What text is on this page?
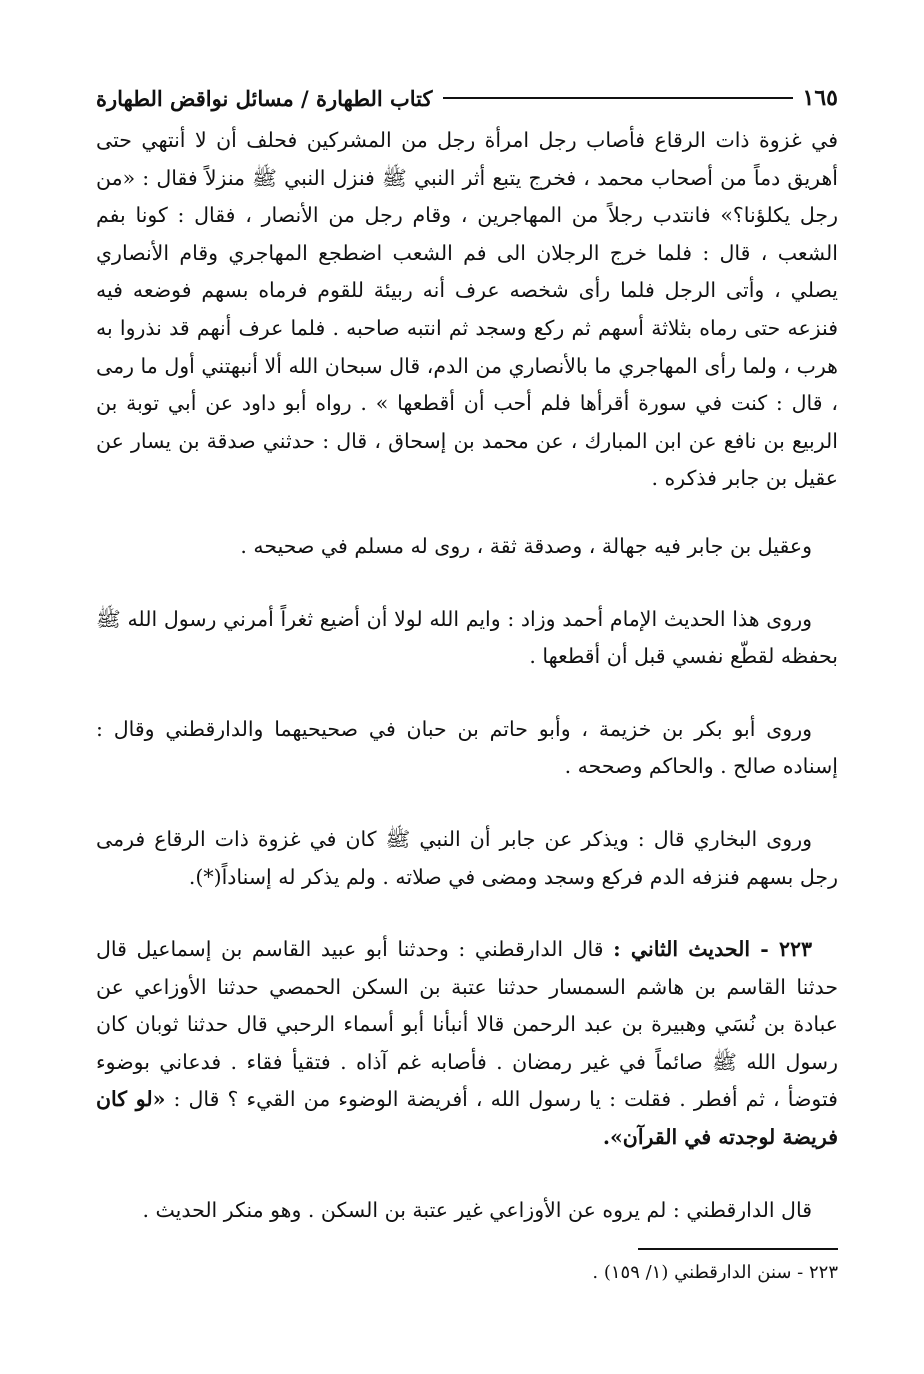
كتاب الطهارة / مسائل نواقض الطهارة	١٦٥

في غزوة ذات الرقاع فأصاب رجل امرأة رجل من المشركين فحلف أن لا أنتهي حتى أهريق دماً من أصحاب محمد ، فخرج يتبع أثر النبي ﷺ فنزل النبي ﷺ منزلاً فقال : «من رجل يكلؤنا؟» فانتدب رجلاً من المهاجرين ، وقام رجل من الأنصار ، فقال : كونا بفم الشعب ، قال : فلما خرج الرجلان الى فم الشعب اضطجع المهاجري وقام الأنصاري يصلي ، وأتى الرجل فلما رأى شخصه عرف أنه ربيئة للقوم فرماه بسهم فوضعه فيه فنزعه حتى رماه بثلاثة أسهم ثم ركع وسجد ثم انتبه صاحبه . فلما عرف أنهم قد نذروا به هرب ، ولما رأى المهاجري ما بالأنصاري من الدم، قال سبحان الله ألا أنبهتني أول ما رمى ، قال : كنت في سورة أقرأها فلم أحب أن أقطعها » . رواه أبو داود عن أبي توبة بن الربيع بن نافع عن ابن المبارك ، عن محمد بن إسحاق ، قال : حدثني صدقة بن يسار عن عقيل بن جابر فذكره .

وعقيل بن جابر فيه جهالة ، وصدقة ثقة ، روى له مسلم في صحيحه .

وروى هذا الحديث الإمام أحمد وزاد : وايم الله لولا أن أضيع ثغراً أمرني رسول الله ﷺ بحفظه لقطّع نفسي قبل أن أقطعها .

وروى أبو بكر بن خزيمة ، وأبو حاتم بن حبان في صحيحيهما والدارقطني وقال : إسناده صالح . والحاكم وصححه .

وروى البخاري قال : ويذكر عن جابر أن النبي ﷺ كان في غزوة ذات الرقاع فرمى رجل بسهم فنزفه الدم فركع وسجد ومضى في صلاته . ولم يذكر له إسناداً(*).

٢٢٣ - الحديث الثاني : قال الدارقطني : وحدثنا أبو عبيد القاسم بن إسماعيل قال حدثنا القاسم بن هاشم السمسار حدثنا عتبة بن السكن الحمصي حدثنا الأوزاعي عن عبادة بن نُسَي وهبيرة بن عبد الرحمن قالا أنبأنا أبو أسماء الرحبي قال حدثنا ثوبان كان رسول الله ﷺ صائماً في غير رمضان . فأصابه غم آذاه . فتقيأ فقاء . فدعاني بوضوء فتوضأ ، ثم أفطر . فقلت : يا رسول الله ، أفريضة الوضوء من القيء ؟ قال : «لو كان فريضة لوجدته في القرآن».

قال الدارقطني : لم يروه عن الأوزاعي غير عتبة بن السكن . وهو منكر الحديث .

٢٢٣ - سنن الدارقطني (١/ ١٥٩) .
